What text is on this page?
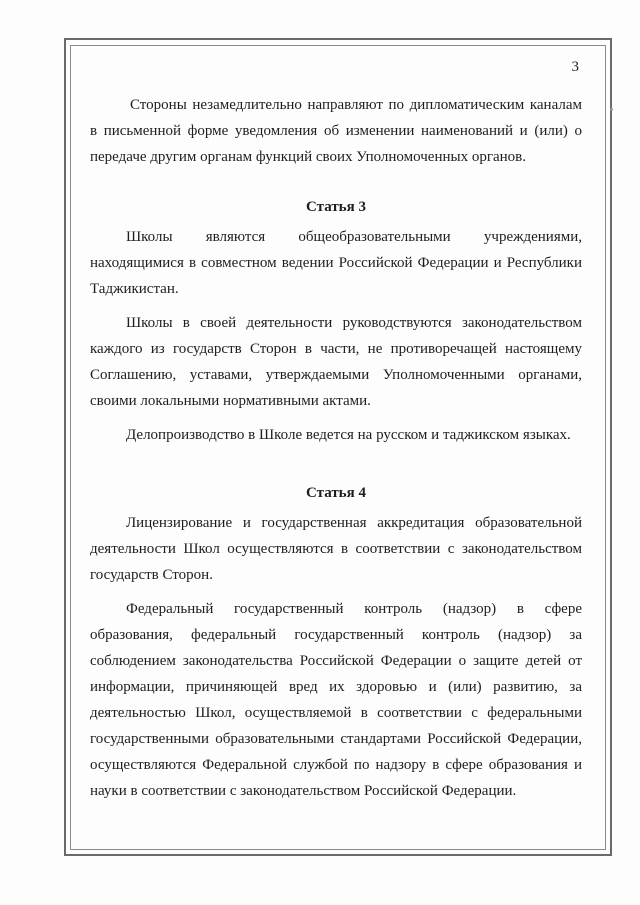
3

Стороны незамедлительно направляют по дипломатическим каналам в письменной форме уведомления об изменении наименований и (или) о передаче другим органам функций своих Уполномоченных органов.

Статья 3

Школы являются общеобразовательными учреждениями, находящимися в совместном ведении Российской Федерации и Республики Таджикистан.

Школы в своей деятельности руководствуются законодательством каждого из государств Сторон в части, не противоречащей настоящему Соглашению, уставами, утверждаемыми Уполномоченными органами, своими локальными нормативными актами.

Делопроизводство в Школе ведется на русском и таджикском языках.

Статья 4

Лицензирование и государственная аккредитация образовательной деятельности Школ осуществляются в соответствии с законодательством государств Сторон.

Федеральный государственный контроль (надзор) в сфере образования, федеральный государственный контроль (надзор) за соблюдением законодательства Российской Федерации о защите детей от информации, причиняющей вред их здоровью и (или) развитию, за деятельностью Школ, осуществляемой в соответствии с федеральными государственными образовательными стандартами Российской Федерации, осуществляются Федеральной службой по надзору в сфере образования и науки в соответствии с законодательством Российской Федерации.
